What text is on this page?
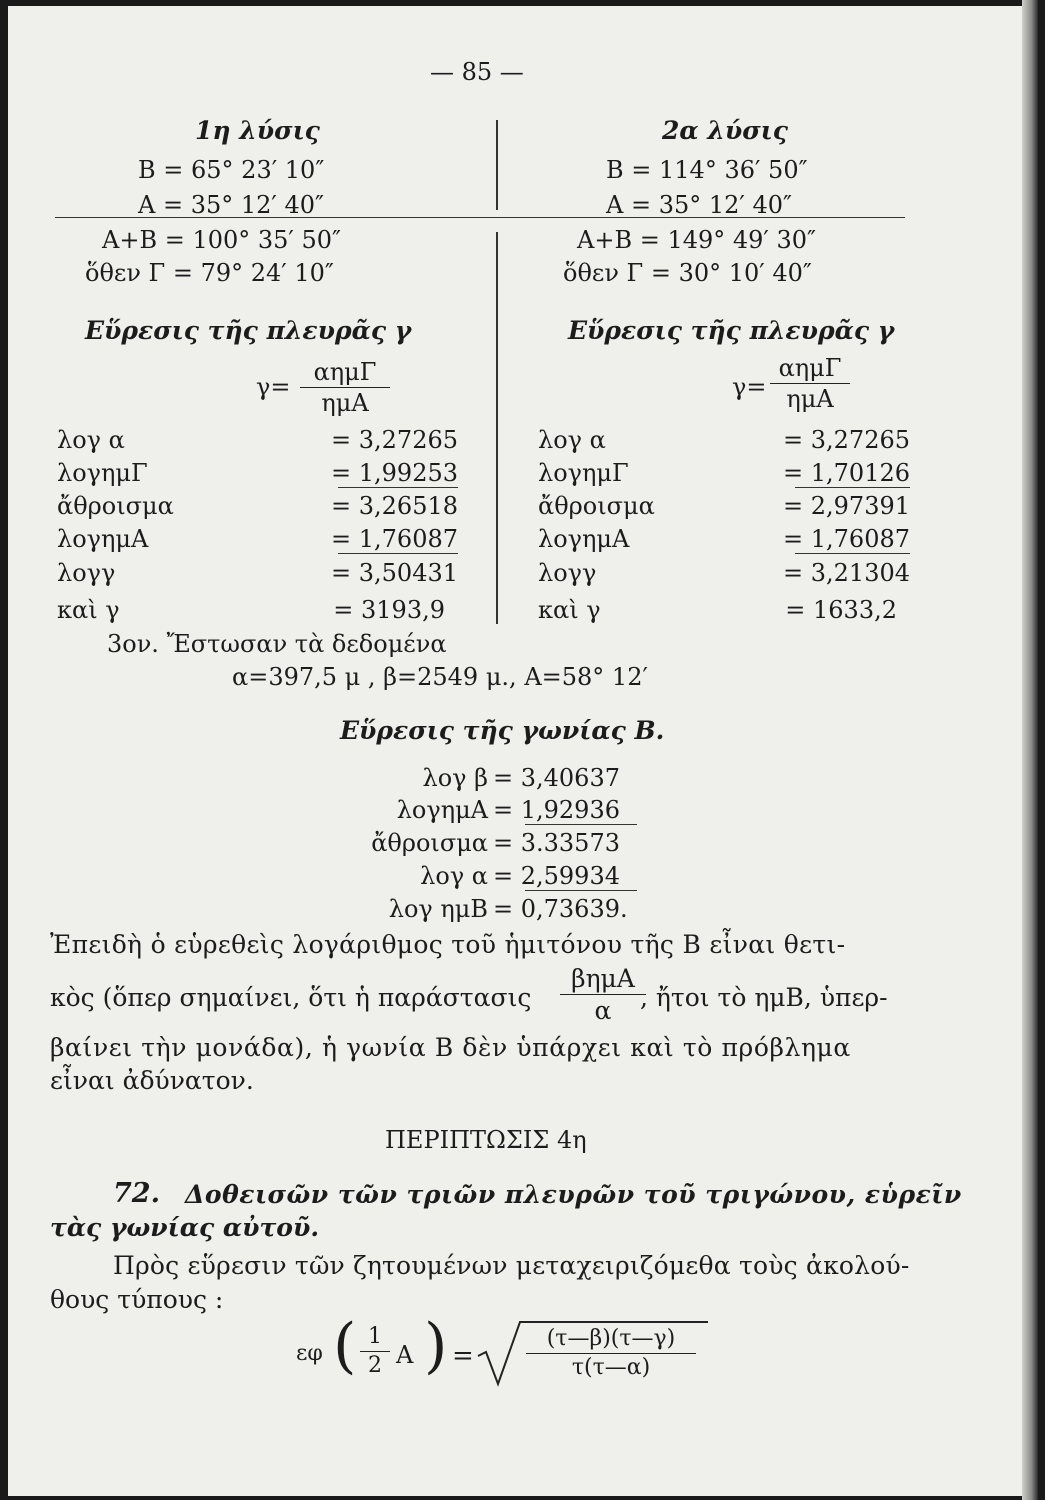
— 85 —
1η λύσις
B = 65° 23′ 10″
A = 35° 12′ 40″
A+B = 100° 35′ 50″
ὅθεν Γ = 79° 24′ 10″
Εὕρεσις τῆς πλευρᾶς γ
γ=
αημΓ
ημA
λογ α	= 3,27265
λογημΓ	= 1,99253
ἄθροισμα	= 3,26518
λογημA	= 1,76087
λογγ	= 3,50431
καὶ γ	= 3193,9
2α λύσις
B = 114° 36′ 50″
A = 35° 12′ 40″
A+B = 149° 49′ 30″
ὅθεν Γ = 30° 10′ 40″
Εὕρεσις τῆς πλευρᾶς γ
γ=
αημΓ
ημA
λογ α	= 3,27265
λογημΓ	= 1,70126
ἄθροισμα	= 2,97391
λογημA	= 1,76087
λογγ	= 3,21304
καὶ γ	= 1633,2
3ον. Ἔστωσαν τὰ δεδομένα
α=397,5 μ , β=2549 μ., A=58° 12′
Εὕρεσις τῆς γωνίας B.
λογ β = 3,40637
λογημA = 1,92936
ἄθροισμα = 3.33573
λογ α = 2,59934
λογ ημB = 0,73639.
Ἐπειδὴ ὁ εὑρεθεὶς λογάριθμος τοῦ ἡμιτόνου τῆς B εἶναι θετι-
κὸς (ὅπερ σημαίνει, ὅτι ἡ παράστασις
βημA
α	, ἤτοι τὸ ημB, ὑπερ-
βαίνει τὴν μονάδα), ἡ γωνία B δὲν ὑπάρχει καὶ τὸ πρόβλημα
εἶναι ἀδύνατον.
ΠΕΡΙΠΤΩΣΙΣ 4η
72. Δοθεισῶν τῶν τριῶν πλευρῶν τοῦ τριγώνου, εὑρεῖν
τὰς γωνίας αὐτοῦ.
Πρὸς εὕρεσιν τῶν ζητουμένων μεταχειριζόμεθα τοὺς ἀκολού-
θους τύπους :
εφ ( $\frac{1}{2}$ A ) = $\frac{(\tau—\beta)(\tau—\gamma)}{\tau(\tau—\alpha)}$
